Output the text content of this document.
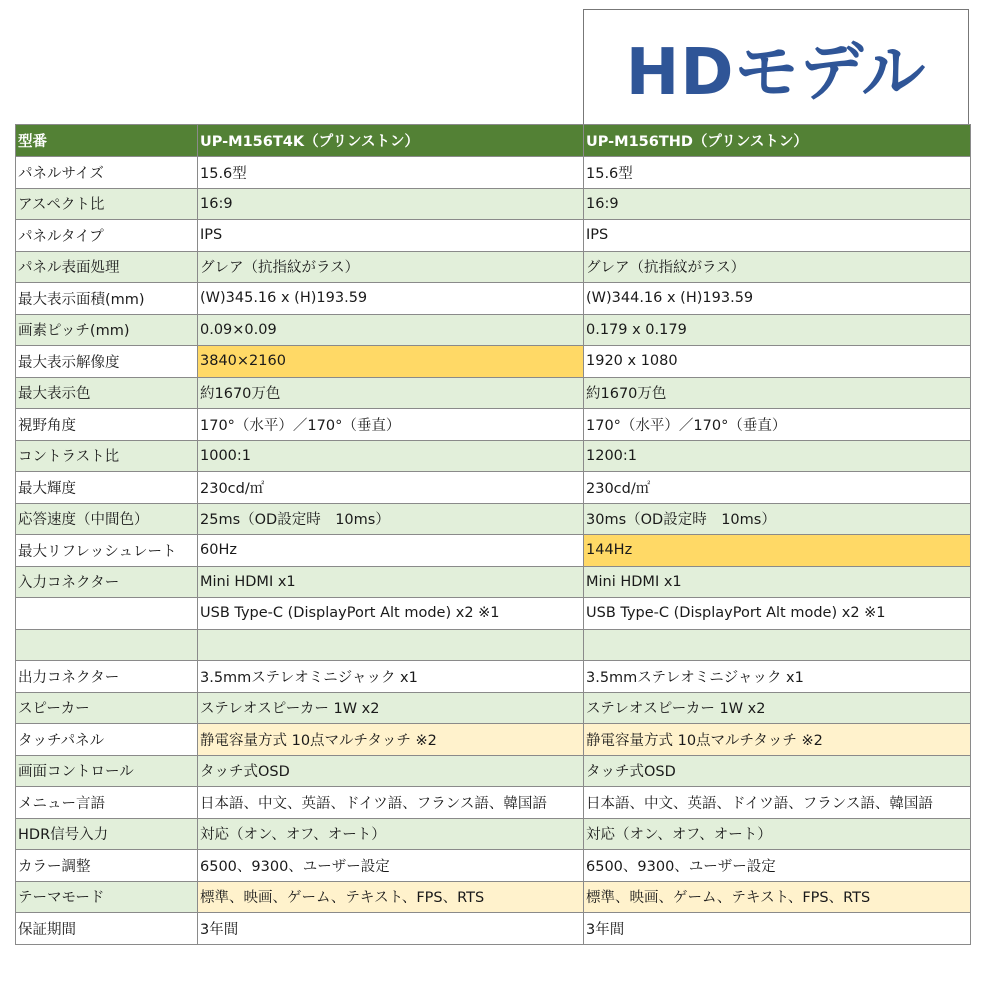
HDモデル
型番	UP-M156T4K（プリンストン）	UP-M156THD（プリンストン）
パネルサイズ	15.6型	15.6型
アスペクト比	16:9	16:9
パネルタイプ	IPS	IPS
パネル表面処理	グレア（抗指紋がラス）	グレア（抗指紋がラス）
最大表示面積(mm)	(W)345.16 x (H)193.59	(W)344.16 x (H)193.59
画素ピッチ(mm)	0.09×0.09	0.179 x 0.179
最大表示解像度	3840×2160	1920 x 1080
最大表示色	約1670万色	約1670万色
視野角度	170°（水平）／170°（垂直）	170°（水平）／170°（垂直）
コントラスト比	1000:1	1200:1
最大輝度	230cd/㎡	230cd/㎡
応答速度（中間色）	25ms（OD設定時　10ms）	30ms（OD設定時　10ms）
最大リフレッシュレート	60Hz	144Hz
入力コネクター	Mini HDMI x1	Mini HDMI x1
	USB Type-C (DisplayPort Alt mode) x2 ※1	USB Type-C (DisplayPort Alt mode) x2 ※1

出力コネクター	3.5mmステレオミニジャック x1	3.5mmステレオミニジャック x1
スピーカー	ステレオスピーカー 1W x2	ステレオスピーカー 1W x2
タッチパネル	静電容量方式 10点マルチタッチ ※2	静電容量方式 10点マルチタッチ ※2
画面コントロール	タッチ式OSD	タッチ式OSD
メニュー言語	日本語、中文、英語、ドイツ語、フランス語、韓国語	日本語、中文、英語、ドイツ語、フランス語、韓国語
HDR信号入力	対応（オン、オフ、オート）	対応（オン、オフ、オート）
カラー調整	6500、9300、ユーザー設定	6500、9300、ユーザー設定
テーマモード	標準、映画、ゲーム、テキスト、FPS、RTS	標準、映画、ゲーム、テキスト、FPS、RTS
保証期間	3年間	3年間
